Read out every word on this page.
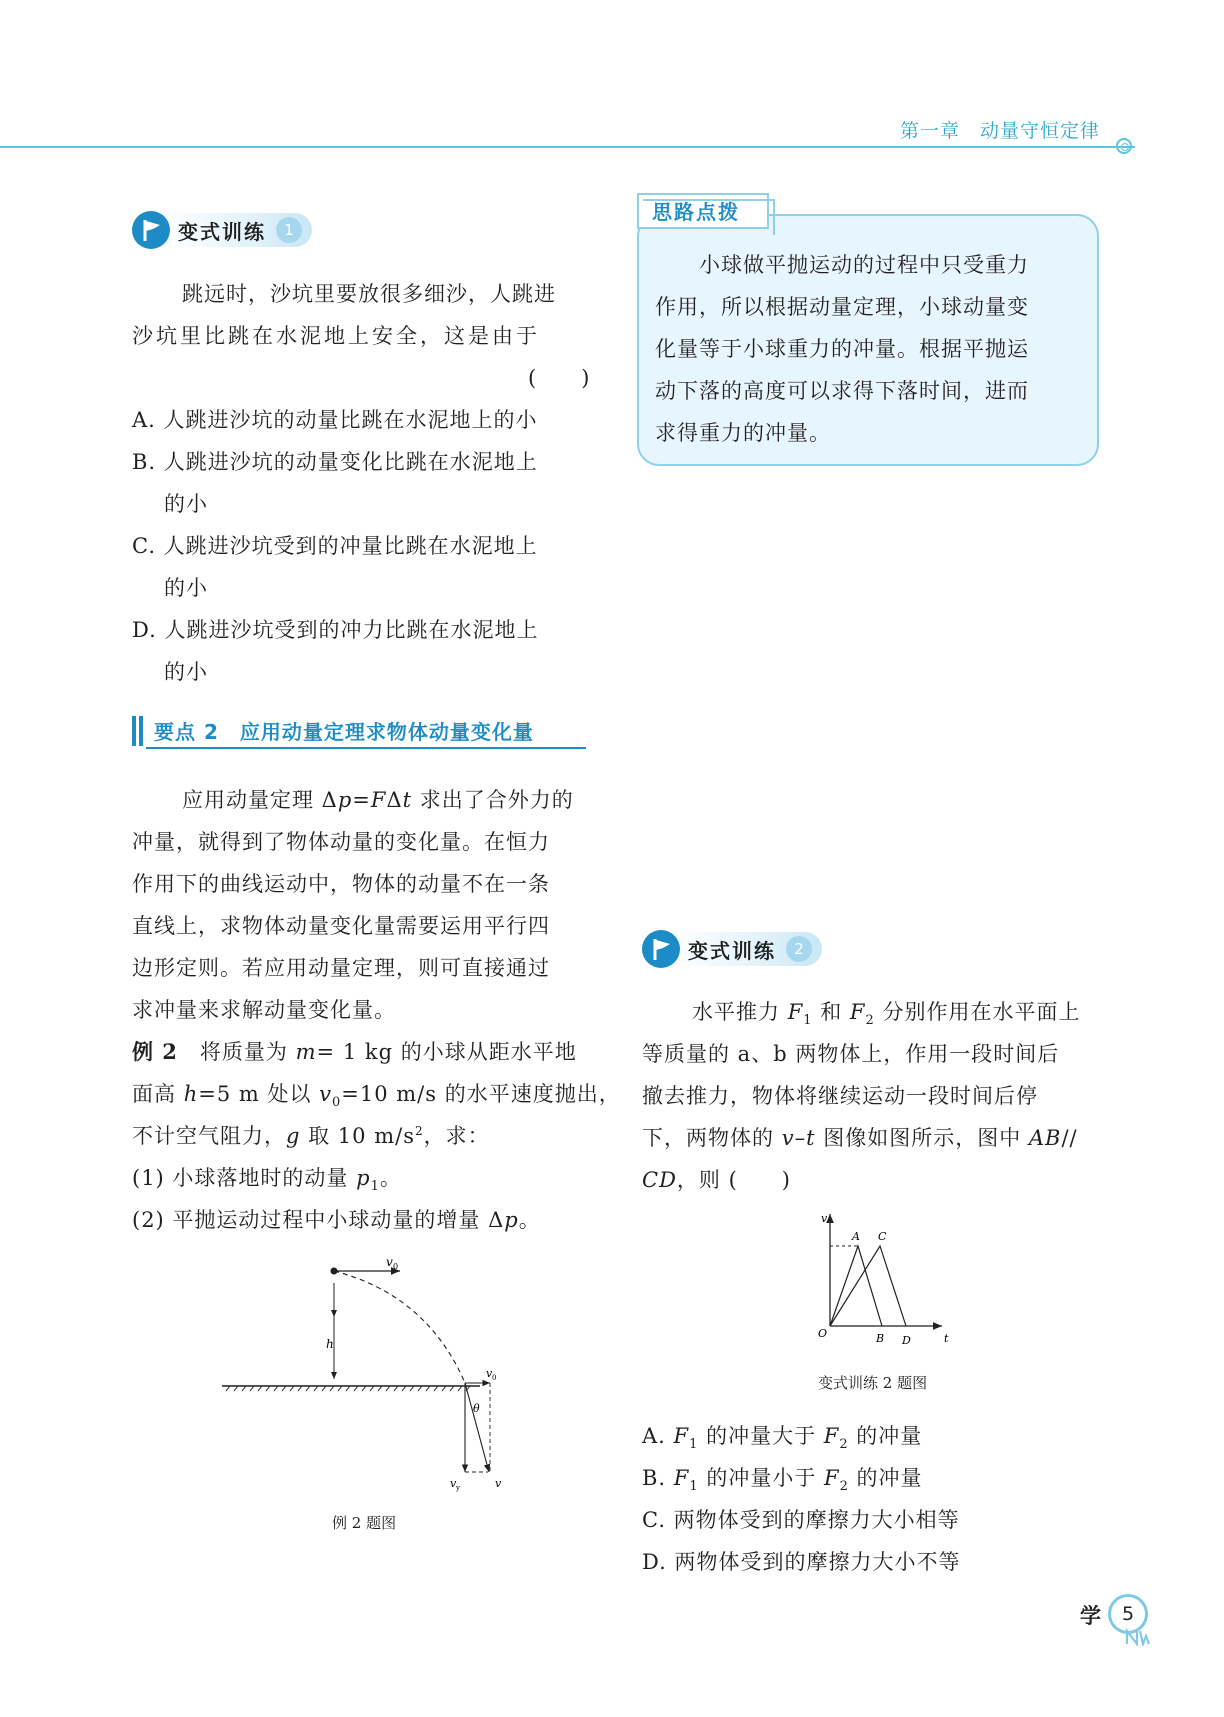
第一章　 动量守恒定律
变式训练	1
跳远时，沙坑里要放很多细沙，人跳进
沙坑里比跳在水泥地上安全，这是由于
(　　)
A. 人跳进沙坑的动量比跳在水泥地上的小
B. 人跳进沙坑的动量变化比跳在水泥地上
的小
C. 人跳进沙坑受到的冲量比跳在水泥地上
的小
D. 人跳进沙坑受到的冲力比跳在水泥地上
的小
要点 2　应用动量定理求物体动量变化量
应用动量定理 Δp=FΔt 求出了合外力的
冲量，就得到了物体动量的变化量。在恒力
作用下的曲线运动中，物体的动量不在一条
直线上，求物体动量变化量需要运用平行四
边形定则。若应用动量定理，则可直接通过
求冲量来求解动量变化量。
例 2　将质量为 m= 1 kg 的小球从距水平地
面高 h=5 m 处以 $v_0=10$ m/s 的水平速度抛出，
不计空气阻力，g 取 10 $m/s^2$，求：
(1) 小球落地时的动量 $p_1$。
(2) 平抛运动过程中小球动量的增量 Δp。
v 0
h
v 0
θ
v y	v
例 2 题图
思路点拨
　　小球做平抛运动的过程中只受重力
作用，所以根据动量定理，小球动量变
化量等于小球重力的冲量。根据平抛运
动下落的高度可以求得下落时间，进而
求得重力的冲量。
变式训练	2
水平推力 $F_1$ 和 $F_2$ 分别作用在水平面上
等质量的 a、b 两物体上，作用一段时间后
撤去推力，物体将继续运动一段时间后停
下，两物体的 v–t 图像如图所示，图中 AB//
CD，则 (　　)
v
O	t
A C
B D
变式训练 2 题图
A. $F_1$ 的冲量大于 $F_2$ 的冲量
B. $F_1$ 的冲量小于 $F_2$ 的冲量
C. 两物体受到的摩擦力大小相等
D. 两物体受到的摩擦力大小不等
学 5
